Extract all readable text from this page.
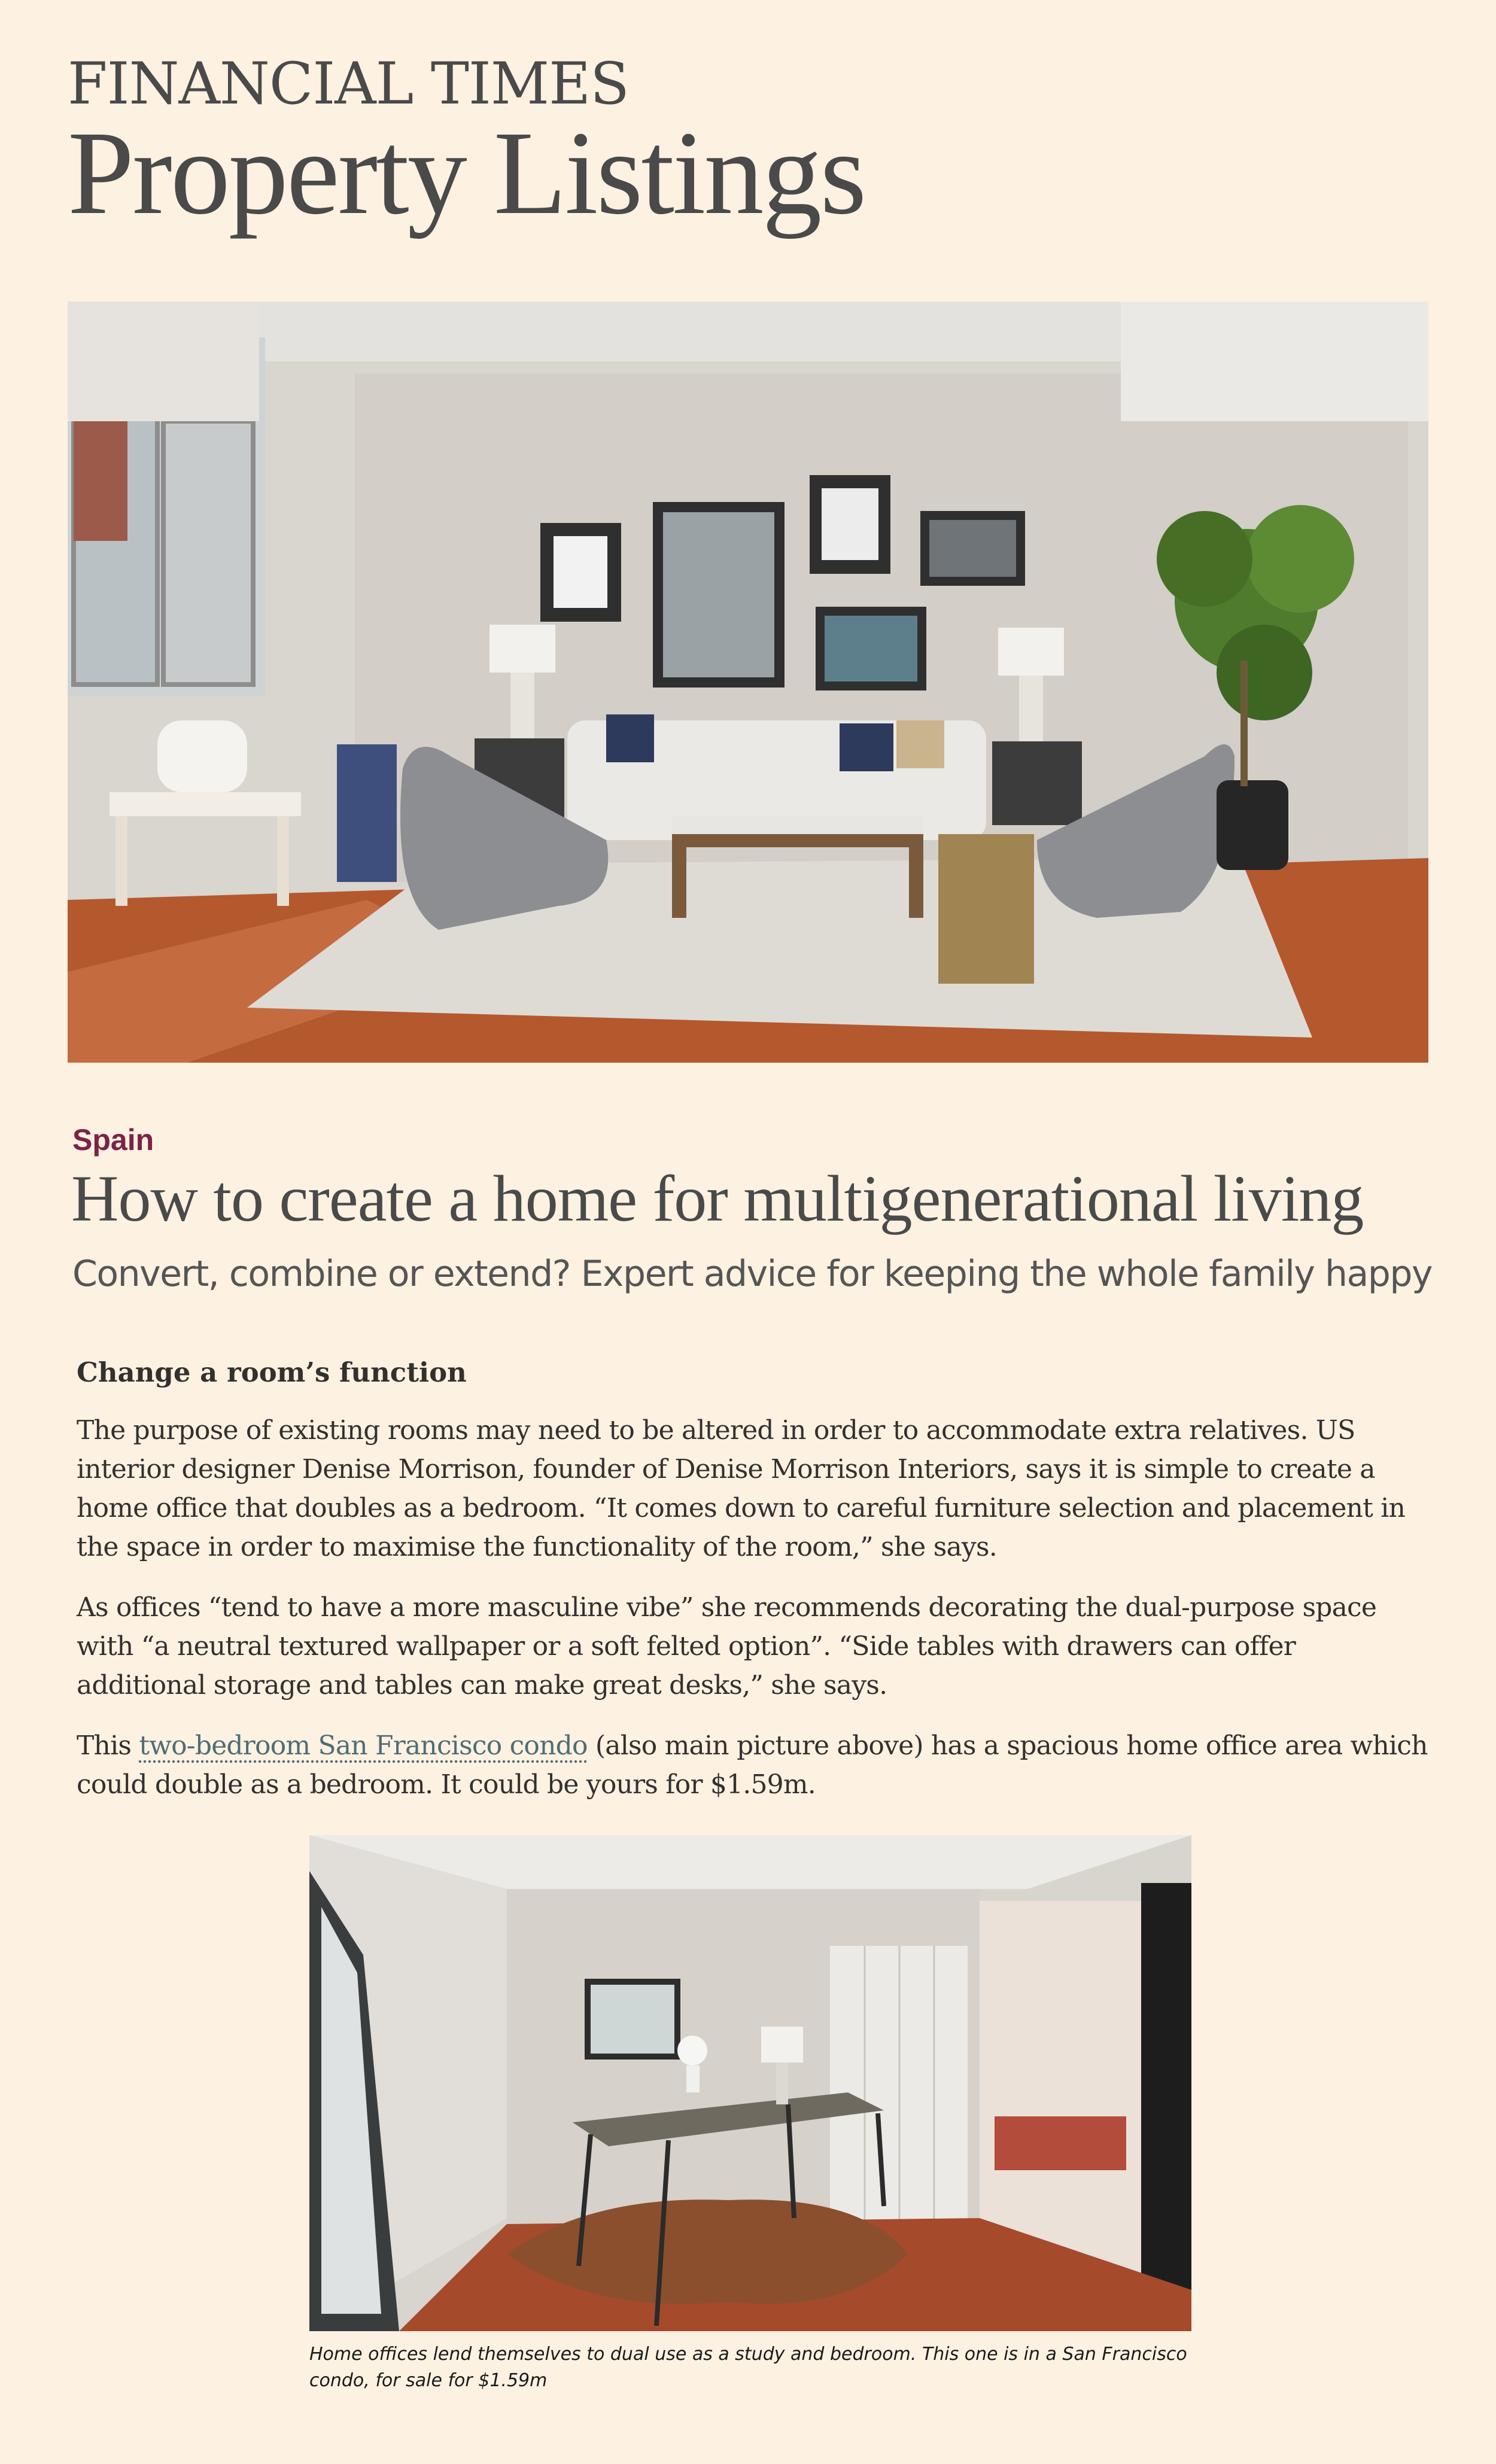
FINANCIAL TIMES
Property Listings
Spain
How to create a home for multigenerational living
Convert, combine or extend? Expert advice for keeping the whole family happy
Change a room’s function

The purpose of existing rooms may need to be altered in order to accommodate extra relatives. US interior designer Denise Morrison, founder of Denise Morrison Interiors, says it is simple to create a home office that doubles as a bedroom. “It comes down to careful furniture selection and placement in the space in order to maximise the functionality of the room,” she says.

As offices “tend to have a more masculine vibe” she recommends decorating the dual-purpose space with “a neutral textured wallpaper or a soft felted option”. “Side tables with drawers can offer additional storage and tables can make great desks,” she says.

This two-bedroom San Francisco condo (also main picture above) has a spacious home office area which could double as a bedroom. It could be yours for $1.59m.

Home offices lend themselves to dual use as a study and bedroom. This one is in a San Francisco condo, for sale for $1.59m
